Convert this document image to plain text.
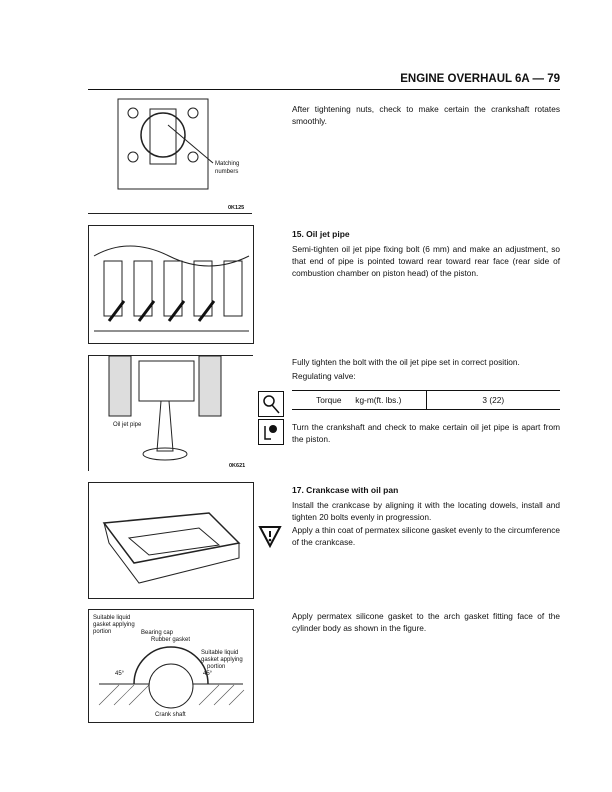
ENGINE OVERHAUL 6A — 79
Matching
numbers
0K125
Oil jet pipe
0K621
Suitable liquid
gasket applying
portion	Bearing cap
Rubber gasket
Suitable liquid
gasket applying
portion
45°	45°
Crank shaft
After tightening nuts, check to make certain the crankshaft rotates smoothly.
15. Oil jet pipe
Semi-tighten oil jet pipe fixing bolt (6 mm) and make an adjustment, so that end of pipe is pointed toward rear toward rear face (rear side of combustion chamber on piston head) of the piston.
Fully tighten the bolt with the oil jet pipe set in correct position.
Regulating valve:
Torque      kg-m(ft. lbs.)	3 (22)
Turn the crankshaft and check to make certain oil jet pipe is apart from the piston.
17. Crankcase with oil pan
Install the crankcase by aligning it with the locating dowels, install and tighten 20 bolts evenly in progression.
Apply a thin coat of permatex silicone gasket evenly to the circumference of the crankcase.
Apply permatex silicone gasket to the arch gasket fitting face of the cylinder body as shown in the figure.
